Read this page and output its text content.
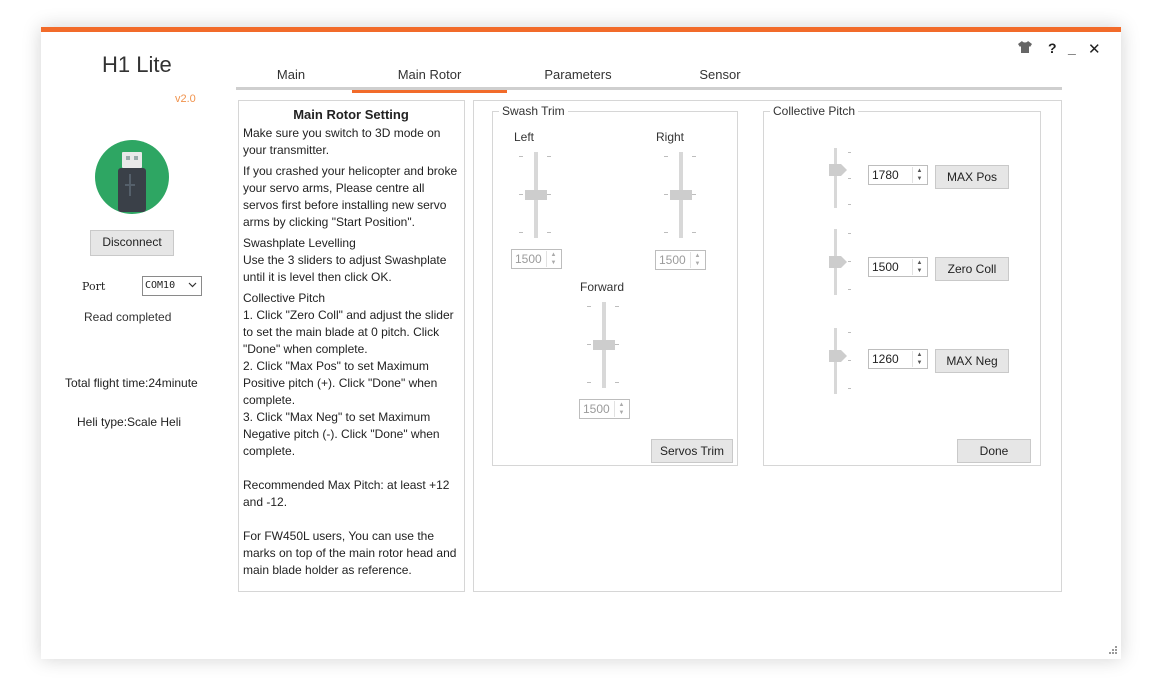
? _ ✕
H1 Lite
v2.0
Disconnect
Port	COM10
Read completed
Total flight time:24minute
Heli type:Scale Heli
Main	Main Rotor	Parameters	Sensor
Main Rotor Setting

Make sure you switch to 3D mode on your transmitter.

If you crashed your helicopter and broke your servo arms, Please centre all servos first before installing new servo arms by clicking "Start Position".

Swashplate Levelling
Use the 3 sliders to adjust Swashplate until it is level then click OK.

Collective Pitch
1. Click "Zero Coll" and adjust the slider to set the main blade at 0 pitch. Click "Done" when complete.
2. Click "Max Pos" to set Maximum Positive pitch (+). Click "Done" when complete.
3. Click "Max Neg" to set Maximum Negative pitch (-). Click "Done" when complete.

Recommended Max Pitch: at least +12 and -12.

For FW450L users, You can use the marks on top of the main rotor head and main blade holder as reference.

Swash Trim
Left
1500	▲
▼
Right
1500	▲
▼
Forward
1500	▲
▼
Servos Trim
Collective Pitch
1780	▲
▼	MAX Pos
1500	▲
▼	Zero Coll
1260	▲
▼	MAX Neg
Done
